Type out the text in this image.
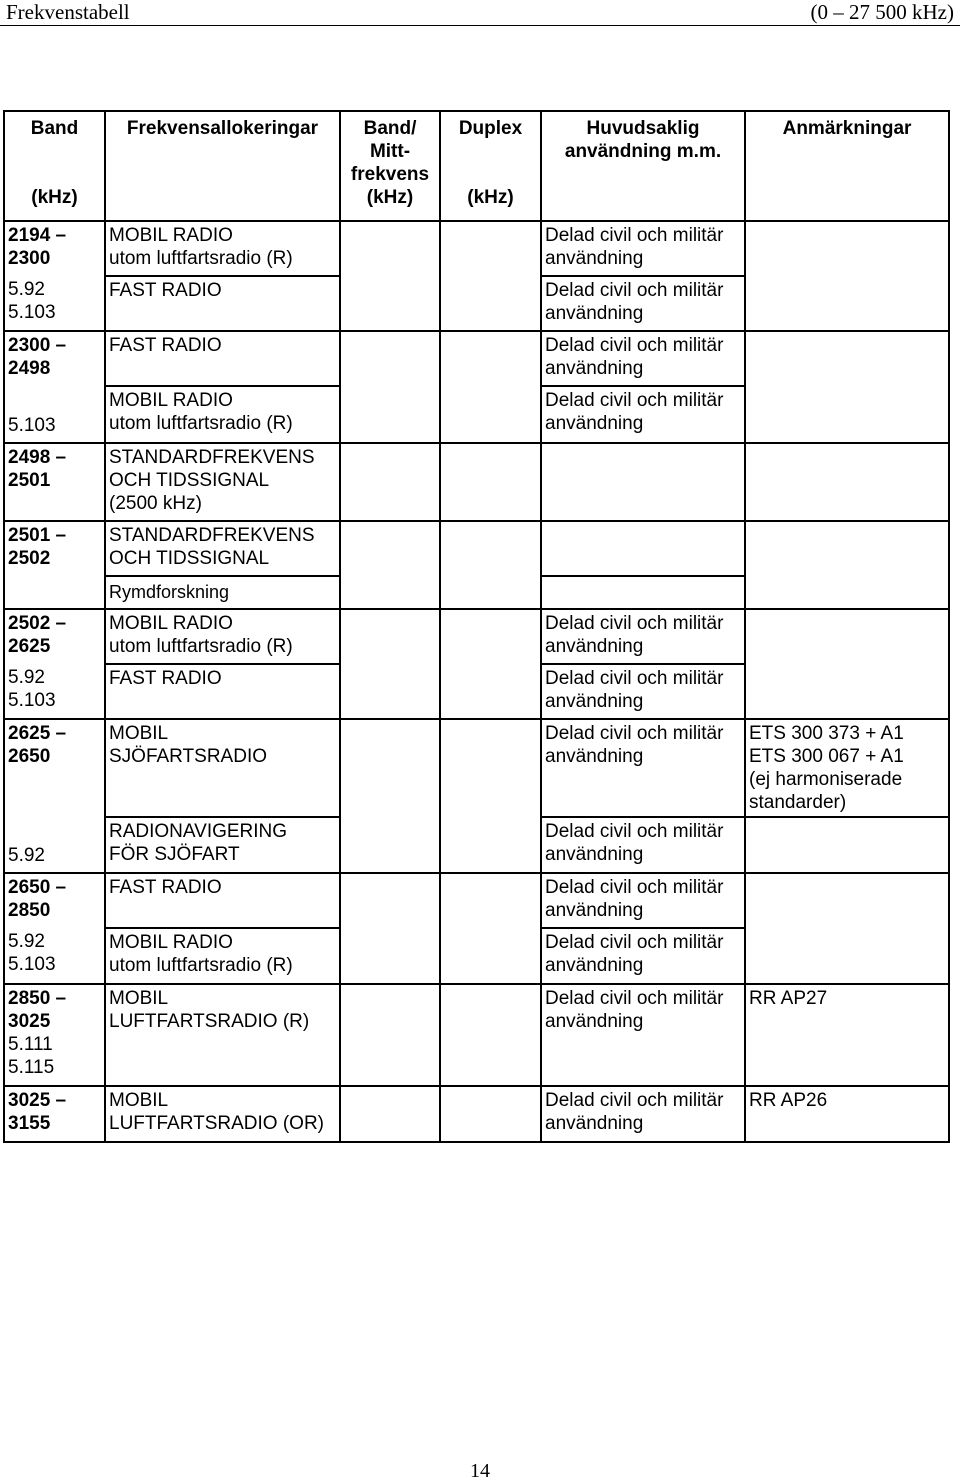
Frekvenstabell	(0 – 27 500 kHz)
Band
(kHz)	Frekvensallokeringar	Band/
Mitt-
frekvens
(kHz)	Duplex
(kHz)	Huvudsaklig
användning m.m.	Anmärkningar

2194 –
2300	MOBIL RADIO
utom luftfartsradio (R)			Delad civil och militär
användning	
5.92
5.103	FAST RADIO			Delad civil och militär
användning	
2300 –
2498	FAST RADIO			Delad civil och militär
användning	
5.103	MOBIL RADIO
utom luftfartsradio (R)			Delad civil och militär
användning	
2498 –
2501	STANDARDFREKVENS
OCH TIDSSIGNAL
(2500 kHz)				
2501 –
2502	STANDARDFREKVENS
OCH TIDSSIGNAL				
	Rymdforskning				
2502 –
2625	MOBIL RADIO
utom luftfartsradio (R)			Delad civil och militär
användning	
5.92
5.103	FAST RADIO			Delad civil och militär
användning	
2625 –
2650	MOBIL
SJÖFARTSRADIO			Delad civil och militär
användning	ETS 300 373 + A1
ETS 300 067 + A1
(ej harmoniserade
standarder)
5.92	RADIONAVIGERING
FÖR SJÖFART			Delad civil och militär
användning	
2650 –
2850	FAST RADIO			Delad civil och militär
användning	
5.92
5.103	MOBIL RADIO
utom luftfartsradio (R)			Delad civil och militär
användning	

2850 –
3025
5.111
5.115	MOBIL
LUFTFARTSRADIO (R)			Delad civil och militär
användning	RR AP27
3025 –
3155	MOBIL
LUFTFARTSRADIO (OR)			Delad civil och militär
användning	RR AP26
14
